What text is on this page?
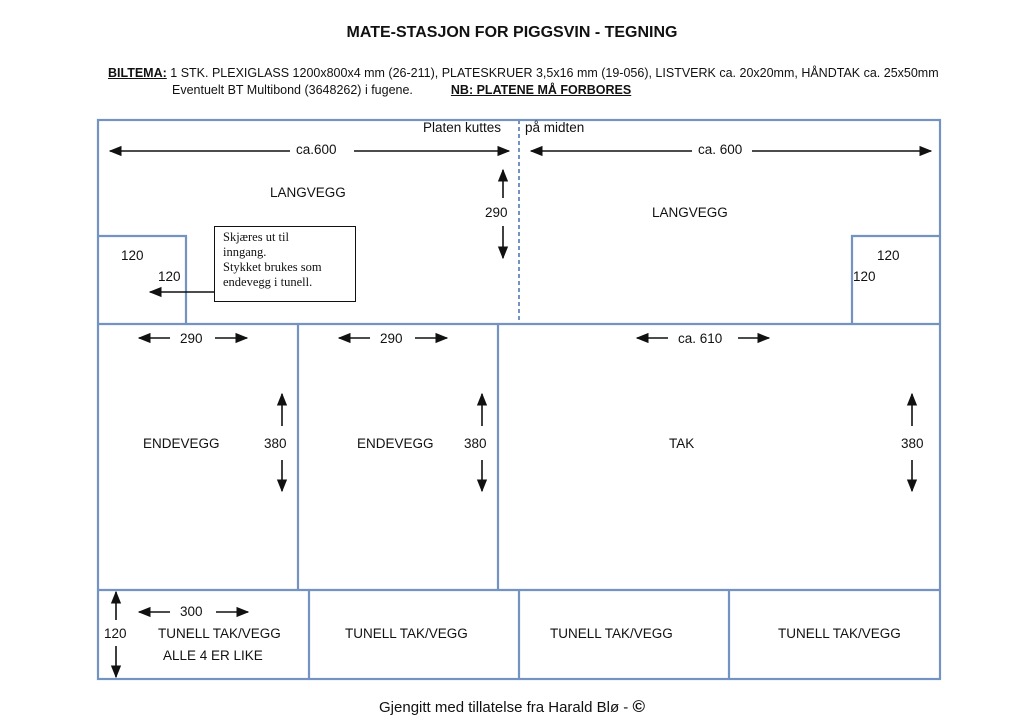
MATE-STASJON FOR PIGGSVIN - TEGNING
BILTEMA: 1 STK. PLEXIGLASS 1200x800x4 mm (26-211), PLATESKRUER 3,5x16 mm (19-056), LISTVERK ca. 20x20mm, HÅNDTAK ca. 25x50mm
Eventuelt BT Multibond (3648262) i fugene.	NB: PLATENE MÅ FORBORES
Platen kuttes på midten
ca.600	ca. 600
LANGVEGG
LANGVEGG
290
120
120
120
120
Skjæres ut til
inngang.
Stykket brukes som
endevegg i tunell.
290
ENDEVEGG	380
290
ENDEVEGG 380
ca. 610
TAK	380
300
120 TUNELL TAK/VEGG
ALLE 4 ER LIKE
TUNELL TAK/VEGG	TUNELL TAK/VEGG	TUNELL TAK/VEGG
Gjengitt med tillatelse fra Harald Blø - ©
